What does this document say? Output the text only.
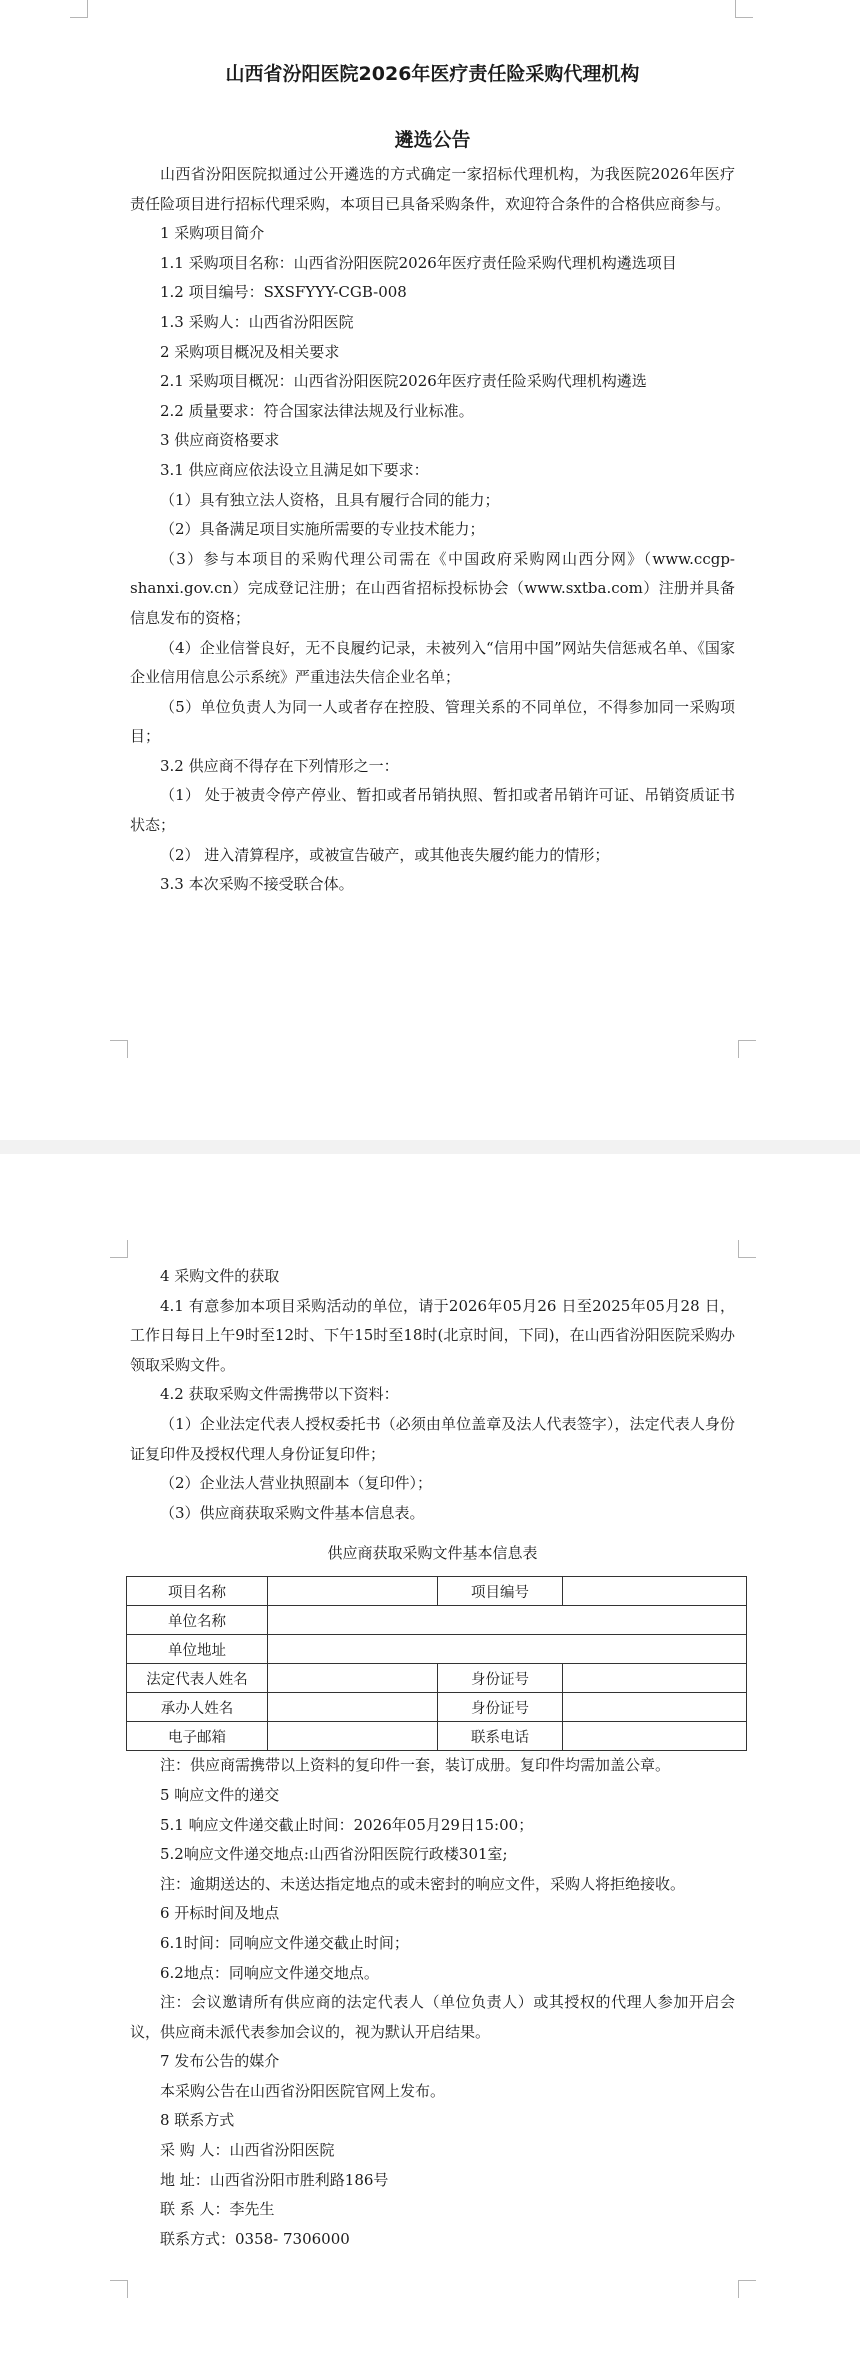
山西省汾阳医院2026年医疗责任险采购代理机构
遴选公告

山西省汾阳医院拟通过公开遴选的方式确定一家招标代理机构，为我医院2026年医疗责任险项目进行招标代理采购，本项目已具备采购条件，欢迎符合条件的合格供应商参与。

1 采购项目简介

1.1 采购项目名称：山西省汾阳医院2026年医疗责任险采购代理机构遴选项目

1.2 项目编号：SXSFYYY-CGB-008

1.3 采购人：山西省汾阳医院

2 采购项目概况及相关要求

2.1 采购项目概况：山西省汾阳医院2026年医疗责任险采购代理机构遴选

2.2 质量要求：符合国家法律法规及行业标准。

3 供应商资格要求

3.1 供应商应依法设立且满足如下要求：

（1）具有独立法人资格，且具有履行合同的能力；

（2）具备满足项目实施所需要的专业技术能力；

（3）参与本项目的采购代理公司需在《中国政府采购网山西分网》（www.ccgp-shanxi.gov.cn）完成登记注册；在山西省招标投标协会（www.sxtba.com）注册并具备信息发布的资格；

（4）企业信誉良好，无不良履约记录，未被列入“信用中国”网站失信惩戒名单、《国家企业信用信息公示系统》严重违法失信企业名单；

（5）单位负责人为同一人或者存在控股、管理关系的不同单位，不得参加同一采购项目；

3.2 供应商不得存在下列情形之一：

（1） 处于被责令停产停业、暂扣或者吊销执照、暂扣或者吊销许可证、吊销资质证书状态；

（2） 进入清算程序，或被宣告破产，或其他丧失履约能力的情形；

3.3 本次采购不接受联合体。

4 采购文件的获取

4.1 有意参加本项目采购活动的单位，请于2026年05月26 日至2025年05月28 日，工作日每日上午9时至12时、下午15时至18时(北京时间，下同)，在山西省汾阳医院采购办领取采购文件。

4.2 获取采购文件需携带以下资料：

（1）企业法定代表人授权委托书（必须由单位盖章及法人代表签字），法定代表人身份证复印件及授权代理人身份证复印件；

（2）企业法人营业执照副本（复印件）；

（3）供应商获取采购文件基本信息表。

供应商获取采购文件基本信息表
项目名称		项目编号	
单位名称			
单位地址			
法定代表人姓名		身份证号	
承办人姓名		身份证号	
电子邮箱		联系电话	

注：供应商需携带以上资料的复印件一套，装订成册。复印件均需加盖公章。

5 响应文件的递交

5.1 响应文件递交截止时间：2026年05月29日15:00；

5.2响应文件递交地点:山西省汾阳医院行政楼301室;

注：逾期送达的、未送达指定地点的或未密封的响应文件，采购人将拒绝接收。

6 开标时间及地点

6.1时间：同响应文件递交截止时间；

6.2地点：同响应文件递交地点。

注：会议邀请所有供应商的法定代表人（单位负责人）或其授权的代理人参加开启会议，供应商未派代表参加会议的，视为默认开启结果。

7 发布公告的媒介

本采购公告在山西省汾阳医院官网上发布。

8 联系方式

采 购 人：山西省汾阳医院

地 址：山西省汾阳市胜利路186号

联 系 人：李先生

联系方式：0358- 7306000
